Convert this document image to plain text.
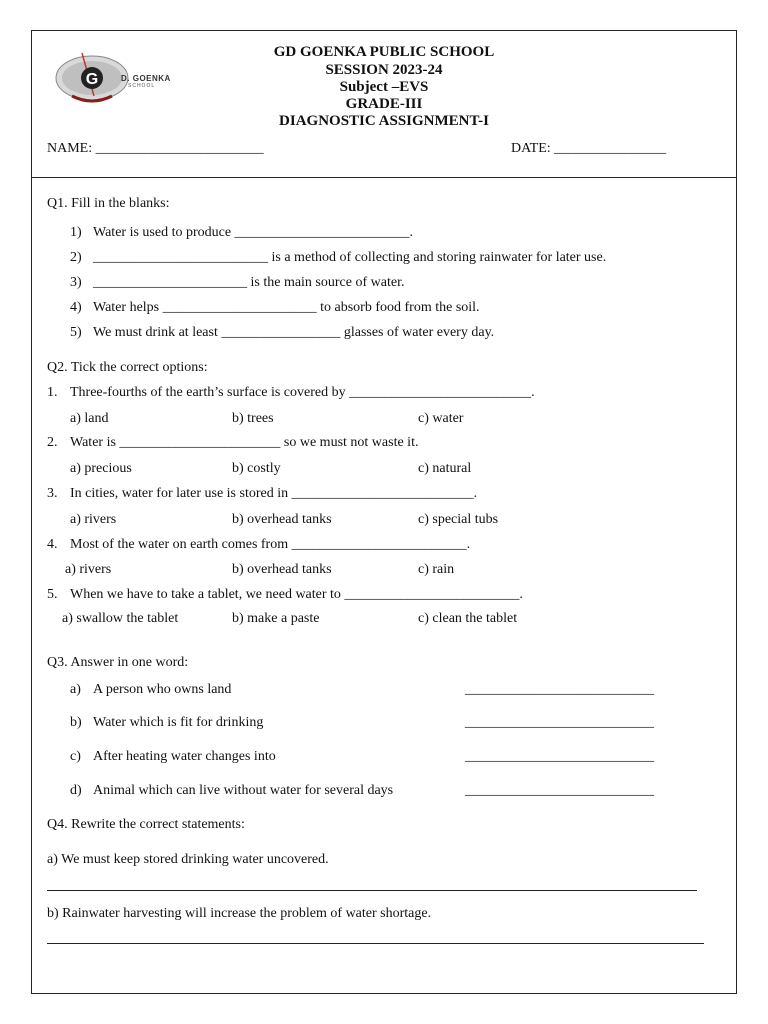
G	D. GOENKA
SCHOOL
GD GOENKA PUBLIC SCHOOL
SESSION 2023-24
Subject –EVS
GRADE-III
DIAGNOSTIC ASSIGNMENT-I
NAME: ________________________	DATE: ________________
Q1. Fill in the blanks:
1) Water is used to produce _________________________.
2) _________________________ is a method of collecting and storing rainwater for later use.
3) ______________________ is the main source of water.
4) Water helps ______________________ to absorb food from the soil.
5) We must drink at least _________________ glasses of water every day.
Q2. Tick the correct options:
1. Three-fourths of the earth’s surface is covered by __________________________.
a) land	b) trees	c) water
2. Water is _______________________ so we must not waste it.
a) precious	b) costly	c) natural
3. In cities, water for later use is stored in __________________________.
a) rivers	b) overhead tanks	c) special tubs
4. Most of the water on earth comes from _________________________.
a) rivers	b) overhead tanks	c) rain
5. When we have to take a tablet, we need water to _________________________.
a) swallow the tablet	b) make a paste	c) clean the tablet
Q3. Answer in one word:
a) A person who owns land	___________________________
b) Water which is fit for drinking	___________________________
c) After heating water changes into	___________________________
d) Animal which can live without water for several days	___________________________
Q4. Rewrite the correct statements:
a) We must keep stored drinking water uncovered.
b) Rainwater harvesting will increase the problem of water shortage.
